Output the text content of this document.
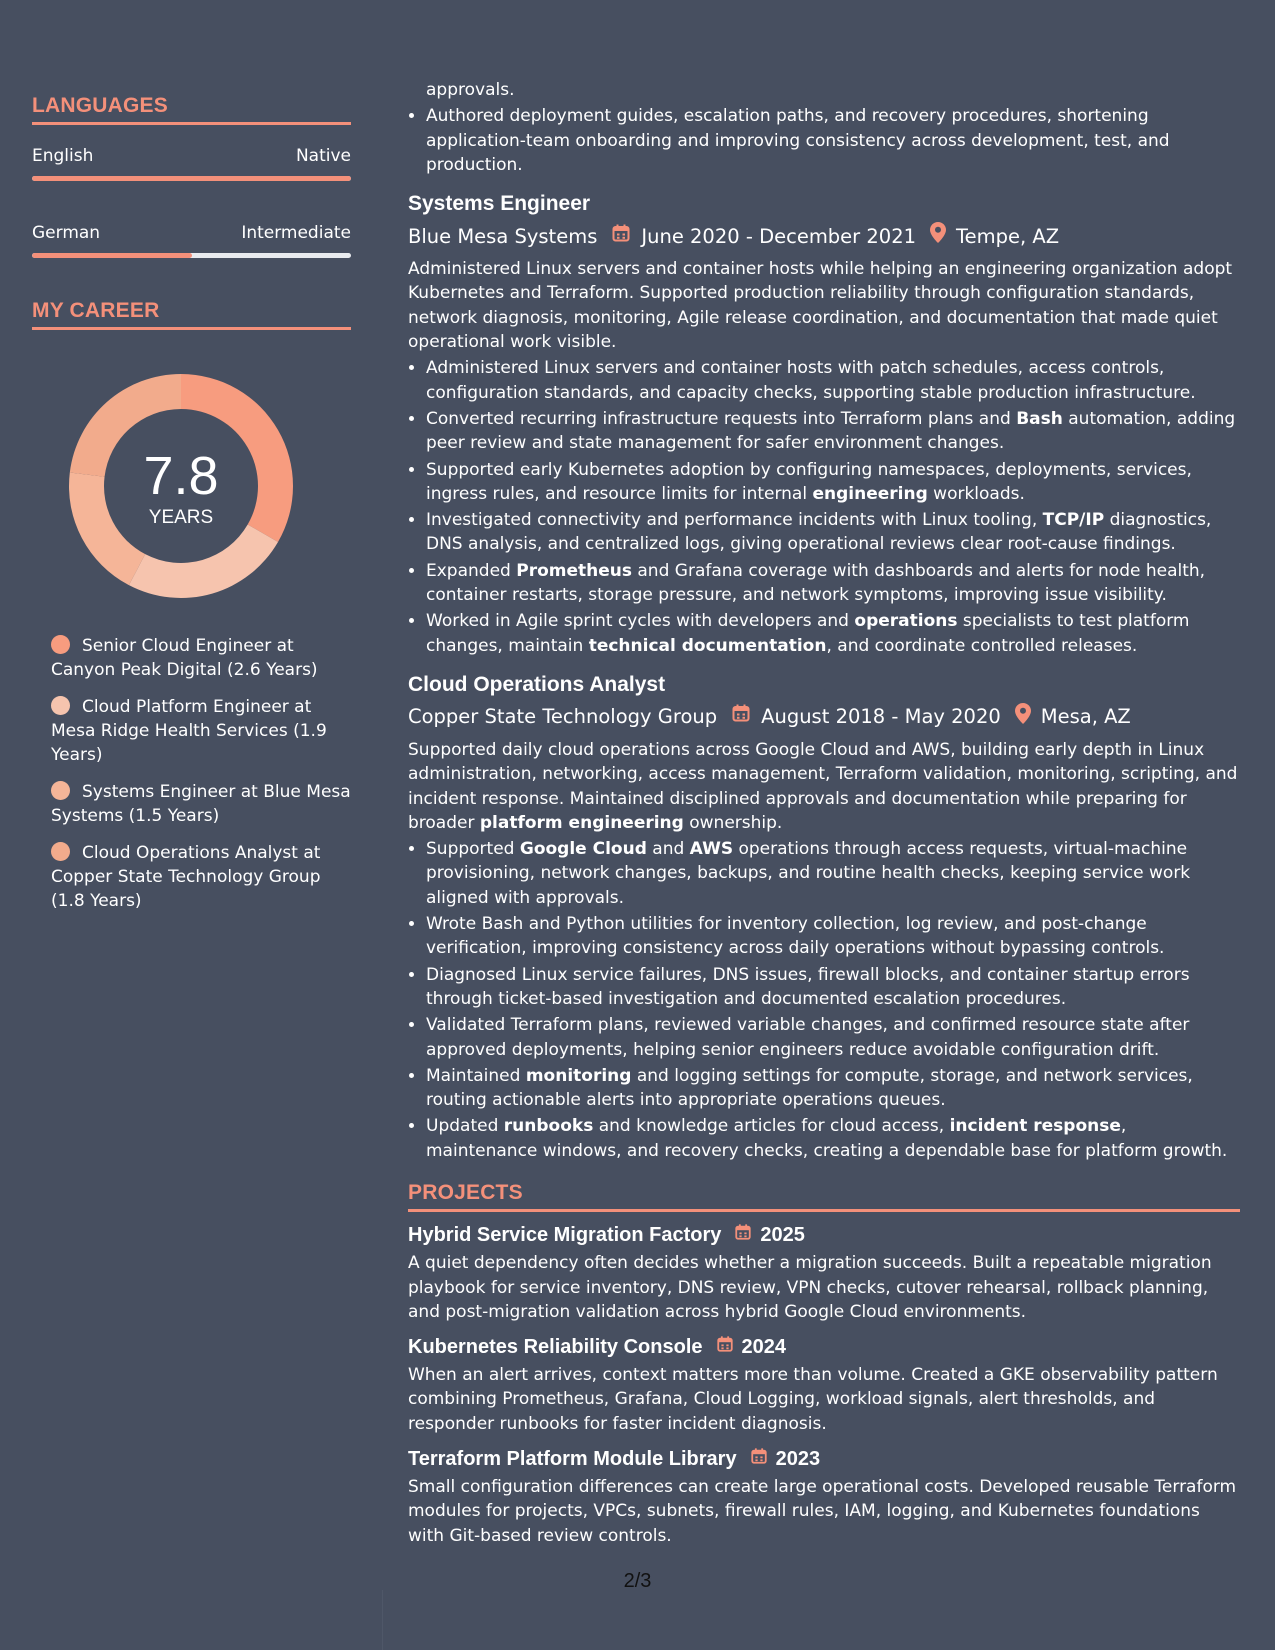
LANGUAGES
English	Native
German	Intermediate
MY CAREER
7.8
YEARS
Senior Cloud Engineer at Canyon Peak Digital (2.6 Years)
Cloud Platform Engineer at Mesa Ridge Health Services (1.9 Years)
Systems Engineer at Blue Mesa Systems (1.5 Years)
Cloud Operations Analyst at Copper State Technology Group (1.8 Years)
approvals.
• Authored deployment guides, escalation paths, and recovery procedures, shortening application-team onboarding and improving consistency across development, test, and production.
Systems Engineer
Blue Mesa Systems June 2020 - December 2021 Tempe, AZ

Administered Linux servers and container hosts while helping an engineering organization adopt Kubernetes and Terraform. Supported production reliability through configuration standards, network diagnosis, monitoring, Agile release coordination, and documentation that made quiet operational work visible.

• Administered Linux servers and container hosts with patch schedules, access controls, configuration standards, and capacity checks, supporting stable production infrastructure.
• Converted recurring infrastructure requests into Terraform plans and Bash automation, adding peer review and state management for safer environment changes.
• Supported early Kubernetes adoption by configuring namespaces, deployments, services, ingress rules, and resource limits for internal engineering workloads.
• Investigated connectivity and performance incidents with Linux tooling, TCP/IP diagnostics, DNS analysis, and centralized logs, giving operational reviews clear root-cause findings.
• Expanded Prometheus and Grafana coverage with dashboards and alerts for node health, container restarts, storage pressure, and network symptoms, improving issue visibility.
• Worked in Agile sprint cycles with developers and operations specialists to test platform changes, maintain technical documentation, and coordinate controlled releases.
Cloud Operations Analyst
Copper State Technology Group August 2018 - May 2020 Mesa, AZ

Supported daily cloud operations across Google Cloud and AWS, building early depth in Linux administration, networking, access management, Terraform validation, monitoring, scripting, and incident response. Maintained disciplined approvals and documentation while preparing for broader platform engineering ownership.

• Supported Google Cloud and AWS operations through access requests, virtual-machine provisioning, network changes, backups, and routine health checks, keeping service work aligned with approvals.
• Wrote Bash and Python utilities for inventory collection, log review, and post-change verification, improving consistency across daily operations without bypassing controls.
• Diagnosed Linux service failures, DNS issues, firewall blocks, and container startup errors through ticket-based investigation and documented escalation procedures.
• Validated Terraform plans, reviewed variable changes, and confirmed resource state after approved deployments, helping senior engineers reduce avoidable configuration drift.
• Maintained monitoring and logging settings for compute, storage, and network services, routing actionable alerts into appropriate operations queues.
• Updated runbooks and knowledge articles for cloud access, incident response, maintenance windows, and recovery checks, creating a dependable base for platform growth.
PROJECTS
Hybrid Service Migration Factory 2025

A quiet dependency often decides whether a migration succeeds. Built a repeatable migration playbook for service inventory, DNS review, VPN checks, cutover rehearsal, rollback planning, and post-migration validation across hybrid Google Cloud environments.

Kubernetes Reliability Console 2024

When an alert arrives, context matters more than volume. Created a GKE observability pattern combining Prometheus, Grafana, Cloud Logging, workload signals, alert thresholds, and responder runbooks for faster incident diagnosis.

Terraform Platform Module Library 2023

Small configuration differences can create large operational costs. Developed reusable Terraform modules for projects, VPCs, subnets, firewall rules, IAM, logging, and Kubernetes foundations with Git-based review controls.

2/3
